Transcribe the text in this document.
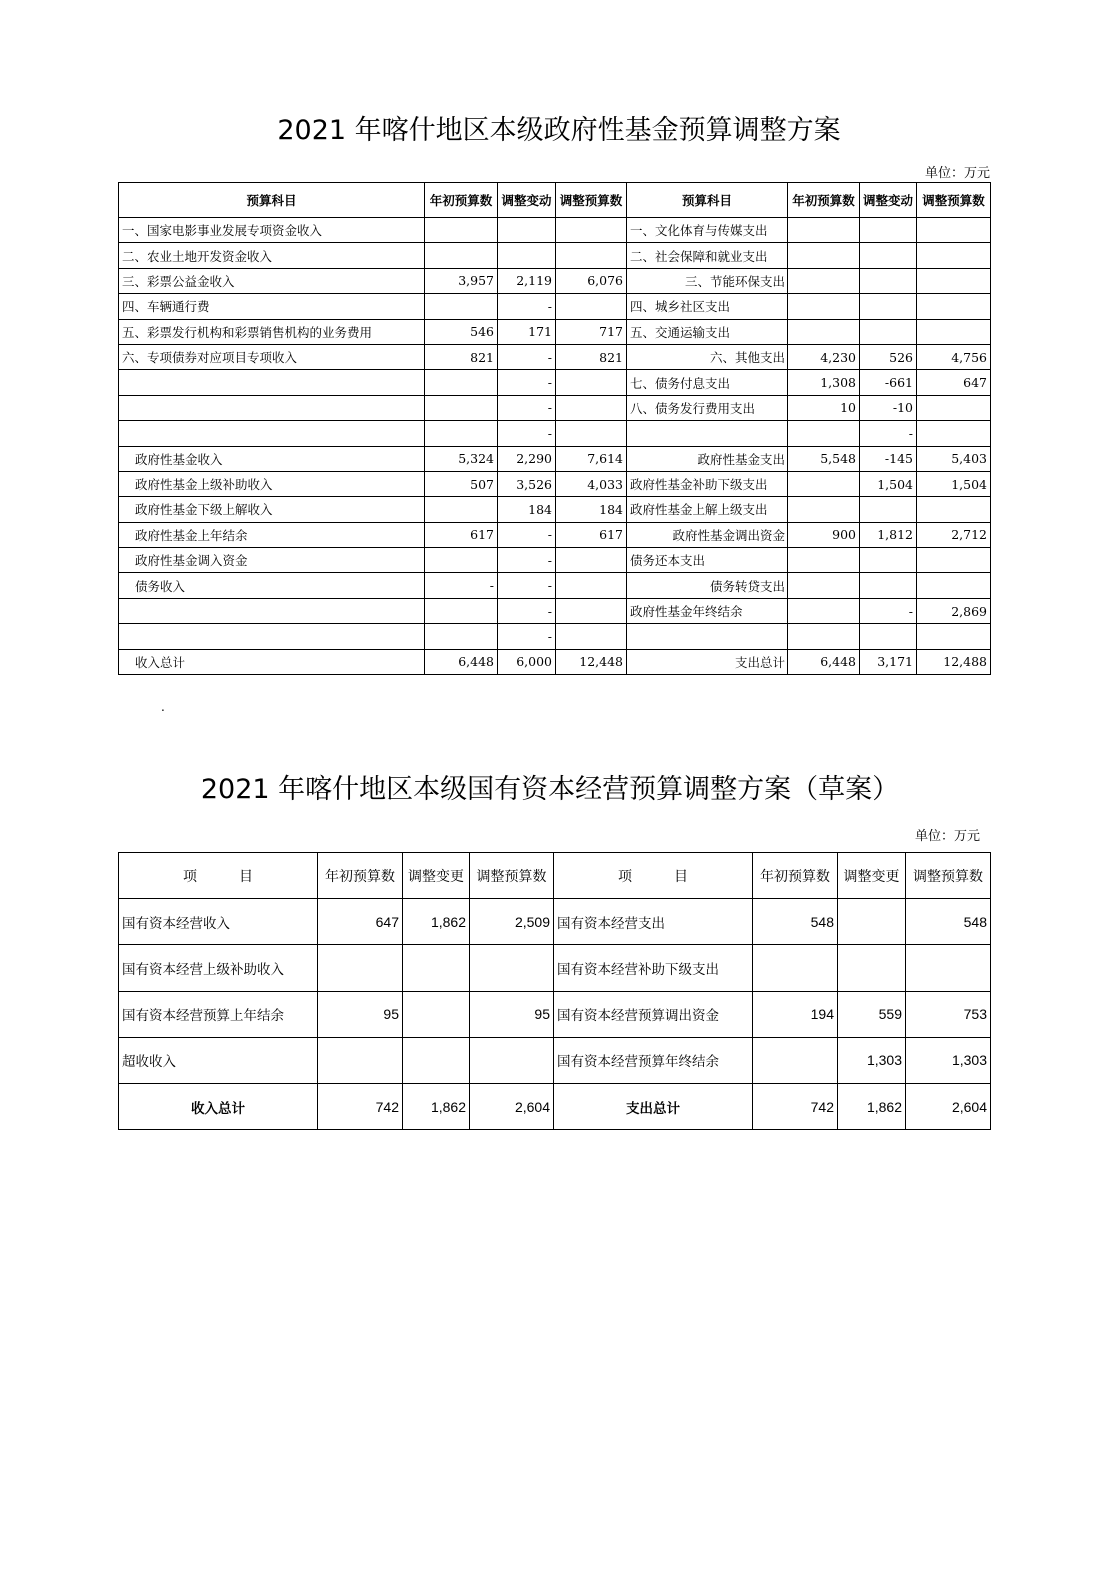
2021 年喀什地区本级政府性基金预算调整方案
单位：万元
预算科目	年初预算数	调整变动	调整预算数	预算科目	年初预算数	调整变动	调整预算数
一、国家电影事业发展专项资金收入				一、文化体育与传媒支出			
二、农业土地开发资金收入				二、社会保障和就业支出			
三、彩票公益金收入	3,957	2,119	6,076	三、节能环保支出			
四、车辆通行费		-		四、城乡社区支出			
五、彩票发行机构和彩票销售机构的业务费用	546	171	717	五、交通运输支出			
六、专项债券对应项目专项收入	821	-	821	六、其他支出	4,230	526	4,756
		-		七、债务付息支出	1,308	-661	647
		-		八、债务发行费用支出	10	-10	
		-				-	
政府性基金收入	5,324	2,290	7,614	政府性基金支出	5,548	-145	5,403
政府性基金上级补助收入	507	3,526	4,033	政府性基金补助下级支出		1,504	1,504
政府性基金下级上解收入		184	184	政府性基金上解上级支出			
政府性基金上年结余	617	-	617	政府性基金调出资金	900	1,812	2,712
政府性基金调入资金		-		债务还本支出			
债务收入	-	-		债务转贷支出			
		-		政府性基金年终结余		-	2,869
		-					
收入总计	6,448	6,000	12,448	支出总计	6,448	3,171	12,488
.
2021 年喀什地区本级国有资本经营预算调整方案（草案）
单位：万元
项　　　目	年初预算数	调整变更	调整预算数	项　　　目	年初预算数	调整变更	调整预算数
国有资本经营收入	647	1,862	2,509	国有资本经营支出	548		548
国有资本经营上级补助收入				国有资本经营补助下级支出			
国有资本经营预算上年结余	95		95	国有资本经营预算调出资金	194	559	753
超收收入				国有资本经营预算年终结余		1,303	1,303
收入总计	742	1,862	2,604	支出总计	742	1,862	2,604
